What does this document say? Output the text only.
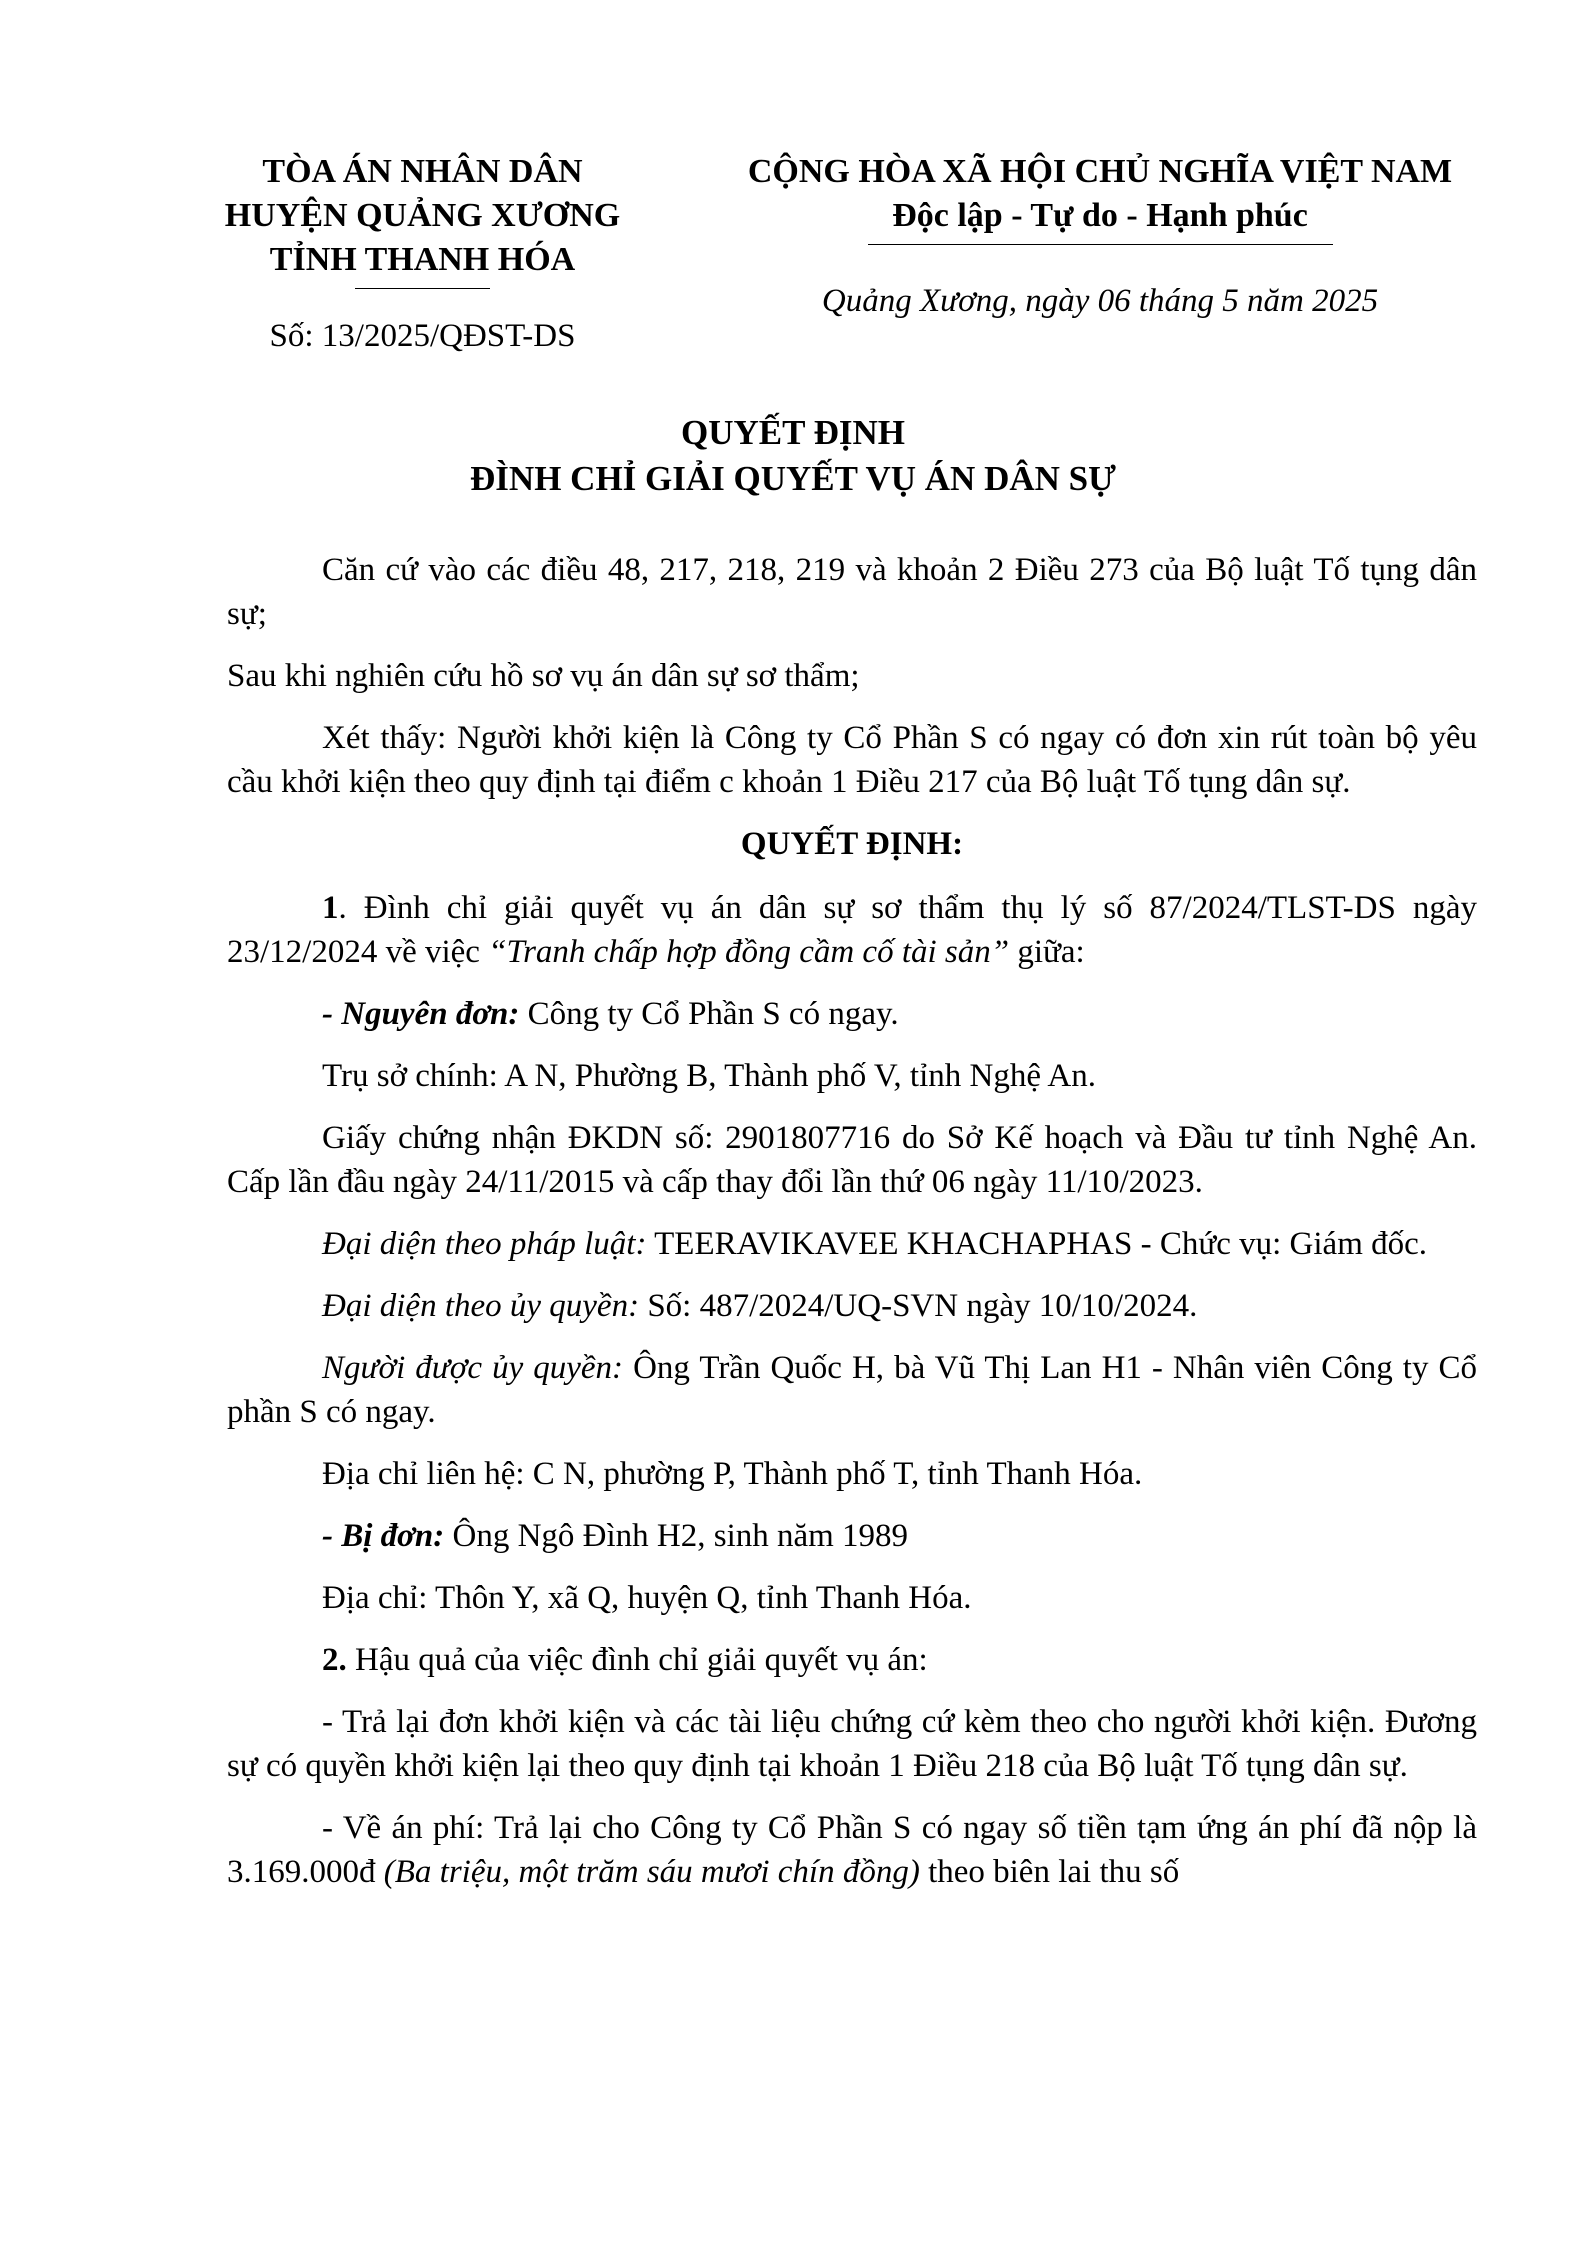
TÒA ÁN NHÂN DÂN
HUYỆN QUẢNG XƯƠNG
TỈNH THANH HÓA
Số: 13/2025/QĐST-DS
CỘNG HÒA XÃ HỘI CHỦ NGHĨA VIỆT NAM
Độc lập - Tự do - Hạnh phúc
Quảng Xương, ngày 06 tháng 5 năm 2025
QUYẾT ĐỊNH
ĐÌNH CHỈ GIẢI QUYẾT VỤ ÁN DÂN SỰ

Căn cứ vào các điều 48, 217, 218, 219 và khoản 2 Điều 273 của Bộ luật Tố tụng dân sự;

Sau khi nghiên cứu hồ sơ vụ án dân sự sơ thẩm;

Xét thấy: Người khởi kiện là Công ty Cổ Phần S có ngay có đơn xin rút toàn bộ yêu cầu khởi kiện theo quy định tại điểm c khoản 1 Điều 217 của Bộ luật Tố tụng dân sự.

QUYẾT ĐỊNH:

1. Đình chỉ giải quyết vụ án dân sự sơ thẩm thụ lý số 87/2024/TLST-DS ngày 23/12/2024 về việc “Tranh chấp hợp đồng cầm cố tài sản” giữa:

- Nguyên đơn: Công ty Cổ Phần S có ngay.

Trụ sở chính: A N, Phường B, Thành phố V, tỉnh Nghệ An.

Giấy chứng nhận ĐKDN số: 2901807716 do Sở Kế hoạch và Đầu tư tỉnh Nghệ An. Cấp lần đầu ngày 24/11/2015 và cấp thay đổi lần thứ 06 ngày 11/10/2023.

Đại diện theo pháp luật: TEERAVIKAVEE KHACHAPHAS - Chức vụ: Giám đốc.

Đại diện theo ủy quyền: Số: 487/2024/UQ-SVN ngày 10/10/2024.

Người được ủy quyền: Ông Trần Quốc H, bà Vũ Thị Lan H1 - Nhân viên Công ty Cổ phần S có ngay.

Địa chỉ liên hệ: C N, phường P, Thành phố T, tỉnh Thanh Hóa.

- Bị đơn: Ông Ngô Đình H2, sinh năm 1989

Địa chỉ: Thôn Y, xã Q, huyện Q, tỉnh Thanh Hóa.

2. Hậu quả của việc đình chỉ giải quyết vụ án:

- Trả lại đơn khởi kiện và các tài liệu chứng cứ kèm theo cho người khởi kiện. Đương sự có quyền khởi kiện lại theo quy định tại khoản 1 Điều 218 của Bộ luật Tố tụng dân sự.

- Về án phí: Trả lại cho Công ty Cổ Phần S có ngay số tiền tạm ứng án phí đã nộp là 3.169.000đ (Ba triệu, một trăm sáu mươi chín đồng) theo biên lai thu số
